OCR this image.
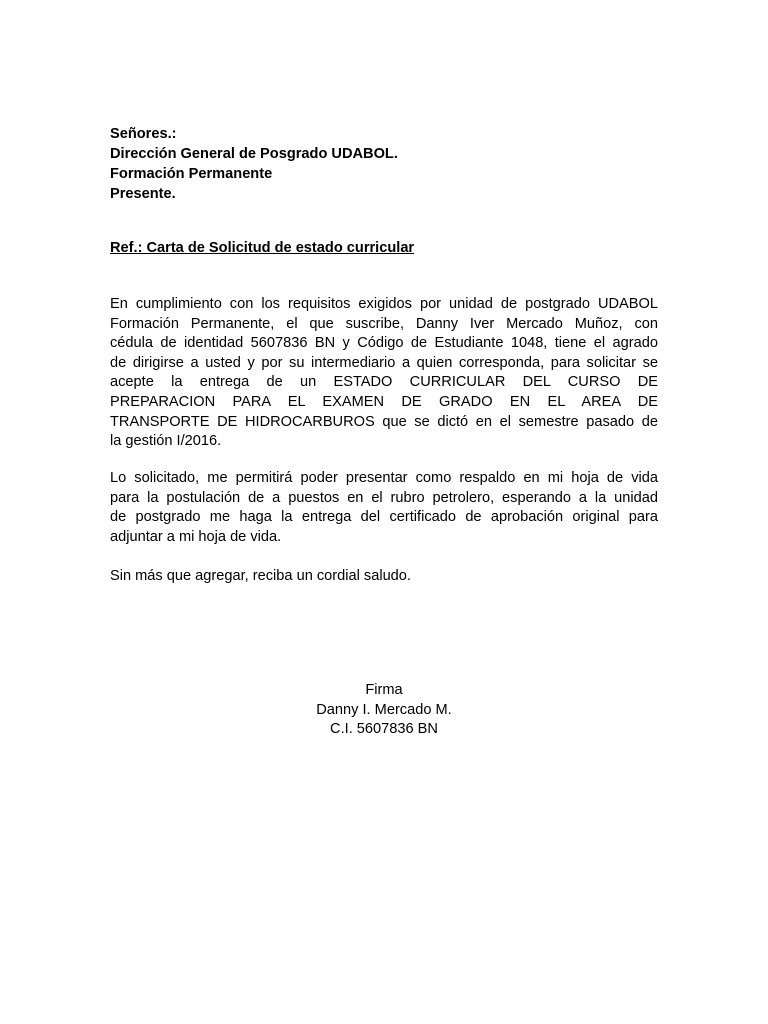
Señores.:
Dirección General de Posgrado UDABOL.
Formación Permanente
Presente.
Ref.: Carta de Solicitud de estado curricular

En cumplimiento con los requisitos exigidos por unidad de postgrado UDABOL
Formación Permanente, el que suscribe, Danny Iver Mercado Muñoz, con
cédula de identidad 5607836 BN y Código de Estudiante 1048, tiene el agrado
de dirigirse a usted y por su intermediario a quien corresponda, para solicitar se
acepte la entrega de un ESTADO CURRICULAR DEL CURSO DE
PREPARACION PARA EL EXAMEN DE GRADO EN EL AREA DE
TRANSPORTE DE HIDROCARBUROS que se dictó en el semestre pasado de
la gestión I/2016.

Lo solicitado, me permitirá poder presentar como respaldo en mi hoja de vida
para la postulación de a puestos en el rubro petrolero, esperando a la unidad
de postgrado me haga la entrega del certificado de aprobación original para
adjuntar a mi hoja de vida.

Sin más que agregar, reciba un cordial saludo.

Firma
Danny I. Mercado M.
C.I. 5607836 BN
